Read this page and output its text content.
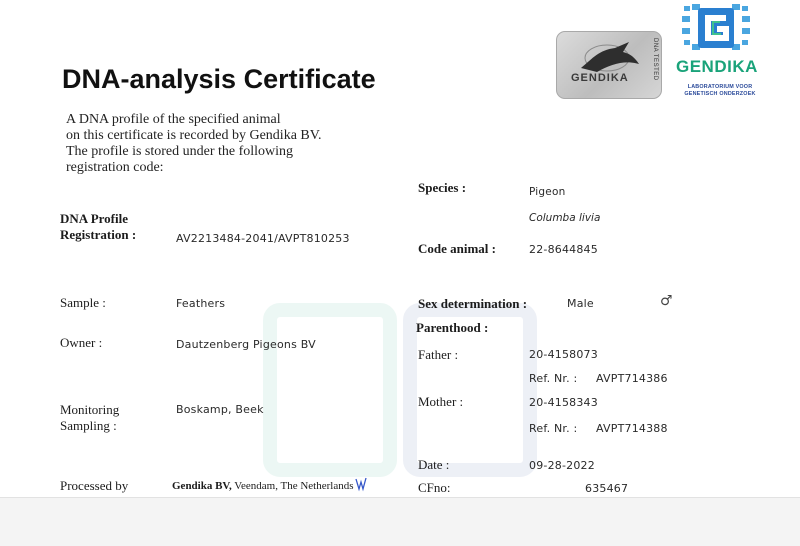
DNA-analysis Certificate
A DNA profile of the specified animal
on this certificate is recorded by Gendika BV.
The profile is stored under the following
registration code:
GENDIKA	DNA TESTED GENDIKA
LABORATORIUM VOOR
GENETISCH ONDERZOEK
DNA Profile
Registration :	AV2213484-2041/AVPT810253
Sample :	Feathers
Owner :	Dautzenberg Pigeons BV
Monitoring
Sampling :
Boskamp, Beek
Processed by	Gendika BV, Veendam, The Netherlands
Species :	Pigeon
Columba livia
Code animal :	22-8644845
Sex determination :	Male	♂
Parenthood :
Father :	20-4158073
Ref. Nr. : AVPT714386
Mother :	20-4158343
Ref. Nr. : AVPT714388
Date :	09-28-2022
CFno:	635467
